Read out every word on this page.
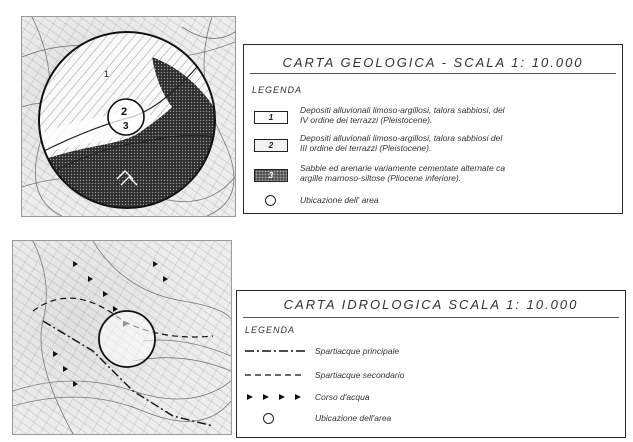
2
3
1
CARTA GEOLOGICA - SCALA 1: 10.000
LEGENDA
1
Depositi alluvionali limoso-argillosi, talora sabbiosi, del
IV ordine dei terrazzi (Pleistocene).
2
Depositi alluvionali limoso-argillosi, talora sabbiosi del
III ordine dei terrazzi (Pleistocene).
3
Sabbie ed arenarie variamente cementate alternate ca
argille marnoso-siltose (Pliocene inferiore).
Ubicazione dell' area
CARTA IDROLOGICA SCALA 1: 10.000
LEGENDA
Spartiacque principale
Spartiacque secondario
Corso d'acqua
Ubicazione dell'area
